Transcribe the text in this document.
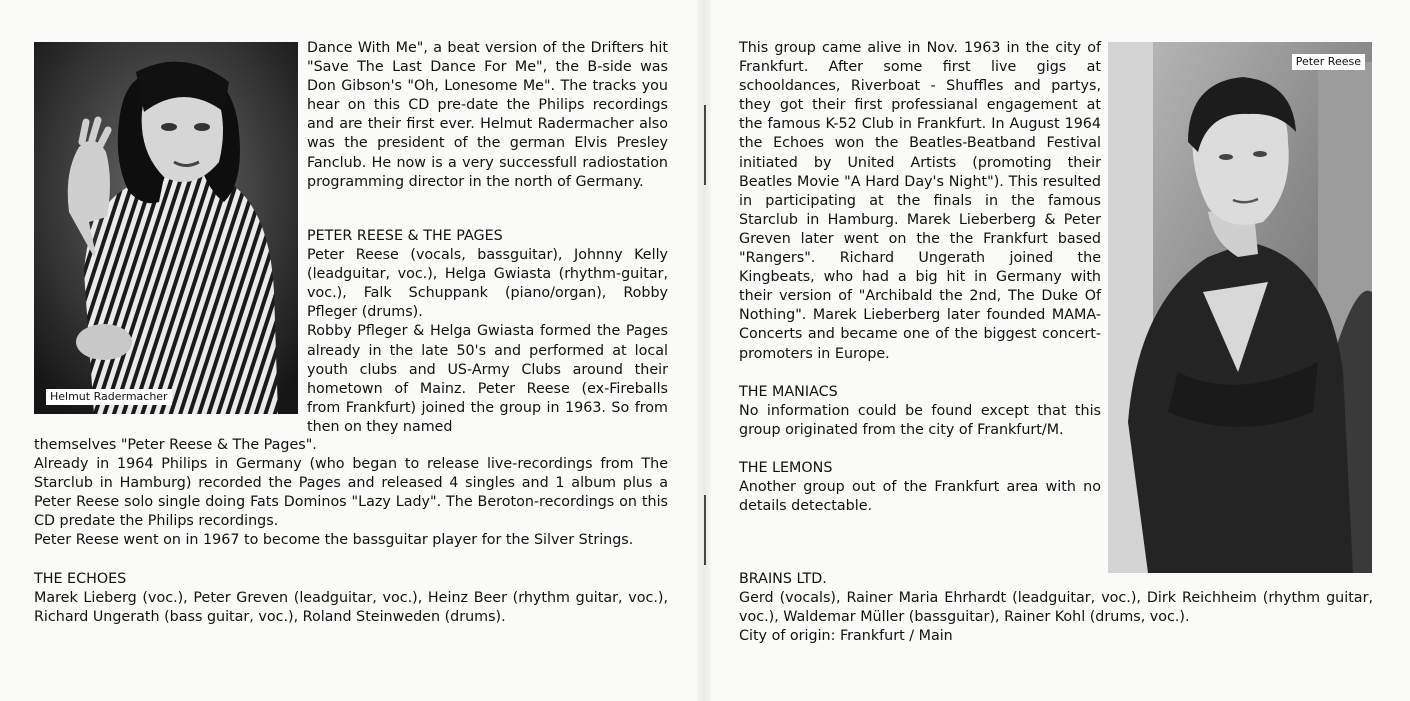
Helmut Radermacher
Dance With Me", a beat version of the Drifters hit "Save The Last Dance For Me", the B-side was Don Gibson's "Oh, Lonesome Me". The tracks you hear on this CD pre-date the Philips recordings and are their first ever. Helmut Radermacher also was the president of the german Elvis Presley Fanclub. He now is a very successfull radiostation programming director in the north of Germany.

PETER REESE & THE PAGES

Peter Reese (vocals, bassguitar), Johnny Kelly (leadguitar, voc.), Helga Gwiasta (rhythm-guitar, voc.), Falk Schuppank (piano/organ), Robby Pfleger (drums).

Robby Pfleger & Helga Gwiasta formed the Pages already in the late 50's and performed at local youth clubs and US-Army Clubs around their hometown of Mainz. Peter Reese (ex-Fireballs from Frankfurt) joined the group in 1963. So from then on they named

themselves "Peter Reese & The Pages".

Already in 1964 Philips in Germany (who began to release live-recordings from The Starclub in Hamburg) recorded the Pages and released 4 singles and 1 album plus a Peter Reese solo single doing Fats Dominos "Lazy Lady". The Beroton-recordings on this CD predate the Philips recordings.

Peter Reese went on in 1967 to become the bassguitar player for the Silver Strings.

THE ECHOES

Marek Lieberg (voc.), Peter Greven (leadguitar, voc.), Heinz Beer (rhythm guitar, voc.), Richard Ungerath (bass guitar, voc.), Roland Steinweden (drums).

This group came alive in Nov. 1963 in the city of Frankfurt. After some first live gigs at schooldances, Riverboat - Shuffles and partys, they got their first professianal engagement at the famous K-52 Club in Frankfurt. In August 1964 the Echoes won the Beatles-Beatband Festival initiated by United Artists (promoting their Beatles Movie "A Hard Day's Night"). This resulted in participating at the finals in the famous Starclub in Hamburg. Marek Lieberberg & Peter Greven later went on the the Frankfurt based "Rangers". Richard Ungerath joined the Kingbeats, who had a big hit in Germany with their version of "Archibald the 2nd, The Duke Of Nothing". Marek Lieberberg later founded MAMA-Concerts and became one of the biggest concert-promoters in Europe.

THE MANIACS

No information could be found except that this group originated from the city of Frankfurt/M.

THE LEMONS

Another group out of the Frankfurt area with no details detectable.

Peter Reese

BRAINS LTD.

Gerd (vocals), Rainer Maria Ehrhardt (leadguitar, voc.), Dirk Reichheim (rhythm guitar, voc.), Waldemar Müller (bassguitar), Rainer Kohl (drums, voc.).

City of origin: Frankfurt / Main
